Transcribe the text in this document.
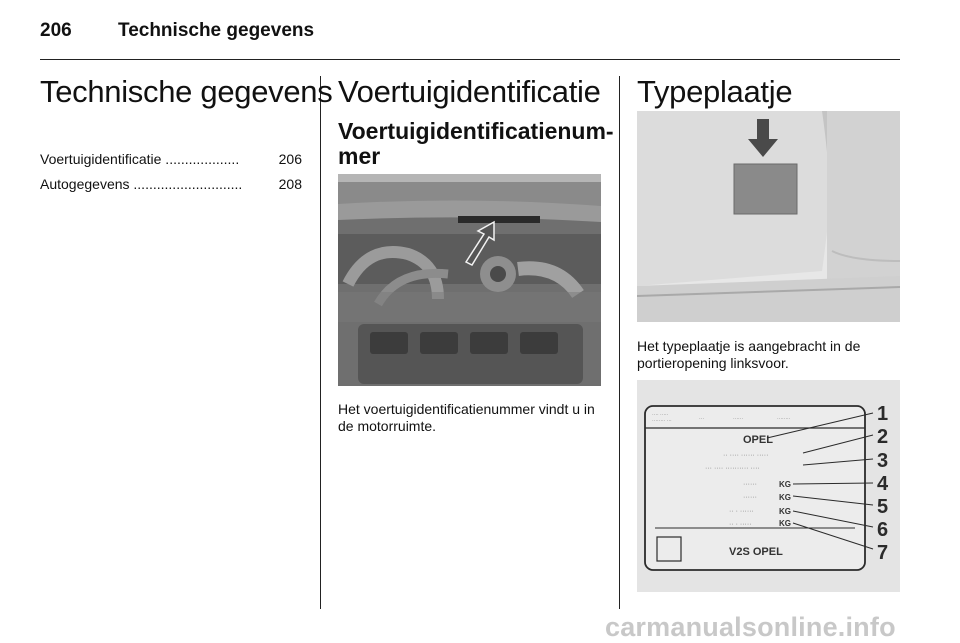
206 Technische gegevens
Technische gegevens
Voertuigidentificatie ...................	206
Autogegevens ............................	208
Voertuigidentificatie
Voertuigidentificatienum-
mer
Het voertuigidentificatienummer vindt u in de motorruimte.
Typeplaatje
Het typeplaatje is aangebracht in de portieropening linksvoor.
···· ·····
········ ···	···	······	········
OPEL
·· ···· ······ ·····
··· ···· ·········· ····
······
······
·· · ······
·· · ·····
KG
KG
KG
KG
V2S OPEL
1
2
3
4
5
6
7
carmanualsonline.info
